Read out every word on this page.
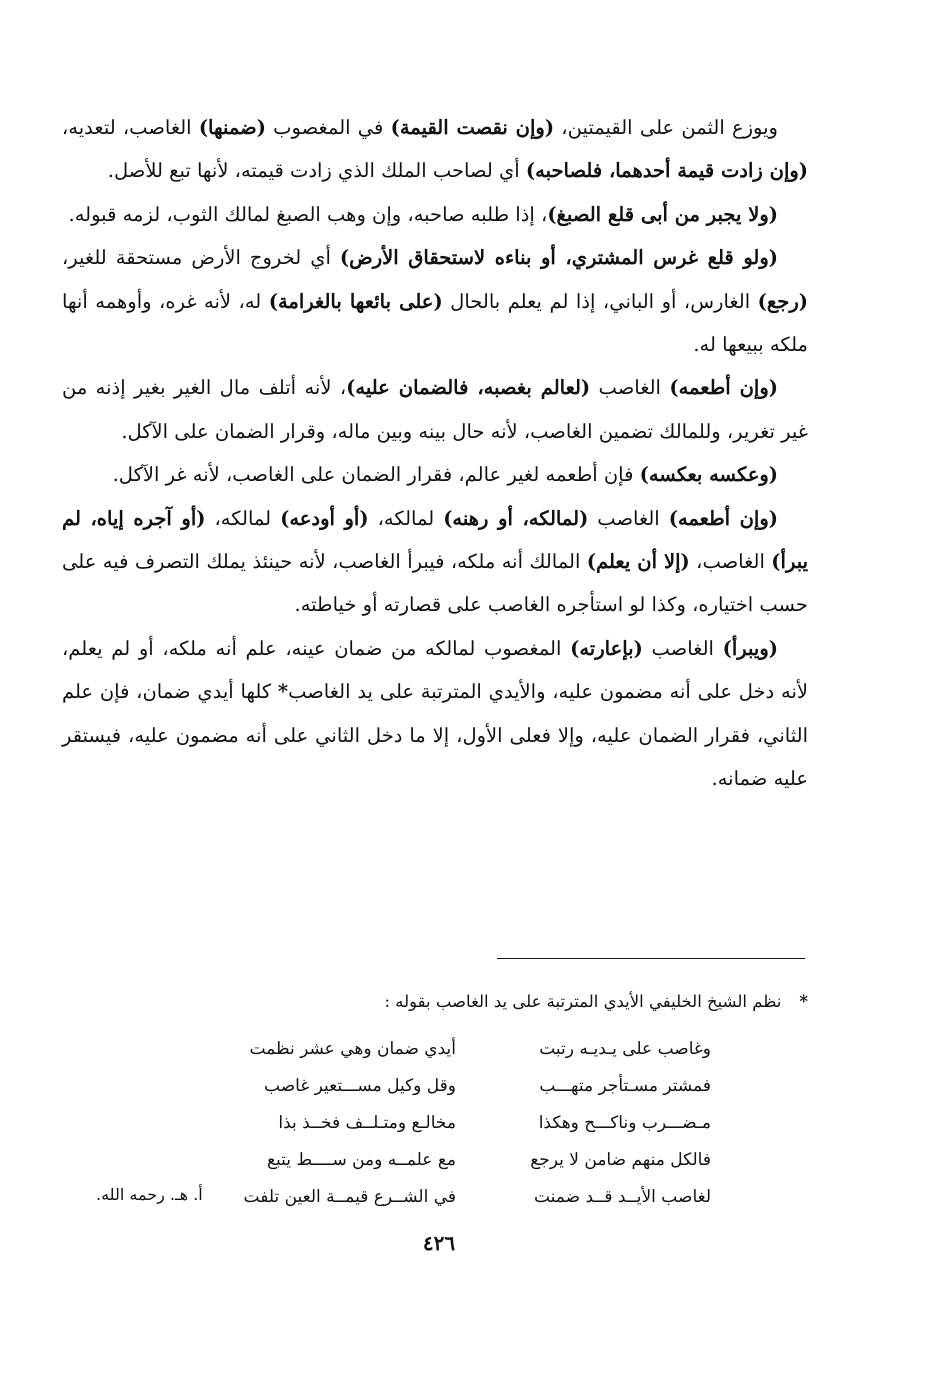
ويوزع الثمن على القيمتين، (وإن نقصت القيمة) في المغصوب (ضمنها) الغاصب، لتعديه، (وإن زادت قيمة أحدهما، فلصاحبه) أي لصاحب الملك الذي زادت قيمته، لأنها تبع للأصل.

(ولا يجبر من أبى قلع الصبغ)، إذا طلبه صاحبه، وإن وهب الصبغ لمالك الثوب، لزمه قبوله.

(ولو قلع غرس المشتري، أو بناءه لاستحقاق الأرض) أي لخروج الأرض مستحقة للغير، (رجع) الغارس، أو الباني، إذا لم يعلم بالحال (على بائعها بالغرامة) له، لأنه غره، وأوهمه أنها ملكه ببيعها له.

(وإن أطعمه) الغاصب (لعالم بغصبه، فالضمان عليه)، لأنه أتلف مال الغير بغير إذنه من غير تغرير، وللمالك تضمين الغاصب، لأنه حال بينه وبين ماله، وقرار الضمان على الآكل.

(وعكسه بعكسه) فإن أطعمه لغير عالم، فقرار الضمان على الغاصب، لأنه غر الآكل.

(وإن أطعمه) الغاصب (لمالكه، أو رهنه) لمالكه، (أو أودعه) لمالكه، (أو آجره إياه، لم يبرأ) الغاصب، (إلا أن يعلم) المالك أنه ملكه، فيبرأ الغاصب، لأنه حينئذ يملك التصرف فيه على حسب اختياره، وكذا لو استأجره الغاصب على قصارته أو خياطته.

(ويبرأ) الغاصب (بإعارته) المغصوب لمالكه من ضمان عينه، علم أنه ملكه، أو لم يعلم، لأنه دخل على أنه مضمون عليه، والأيدي المترتبة على يد الغاصب* كلها أيدي ضمان، فإن علم الثاني، فقرار الضمان عليه، وإلا فعلى الأول، إلا ما دخل الثاني على أنه مضمون عليه، فيستقر عليه ضمانه.

*نظم الشيخ الخليفي الأيدي المترتبة على يد الغاصب بقوله :
وغاصب على يـديـه رتبت
أيدي ضمان وهي عشر نظمت
فمشتر مسـتأجر متهـــب
وقل وكيل مســـتعير غاصب
مـضـــرب وناكـــح وهكذا
مخالـع ومتـلــف فخــذ بذا
فالكل منهم ضامن لا يرجع
مع علمــه ومن ســــط يتبع
لغاصب الأيــد قــد ضمنت
في الشــرع قيمــة العين تلفت
أ. هـ. رحمه الله.
٤٢٦
